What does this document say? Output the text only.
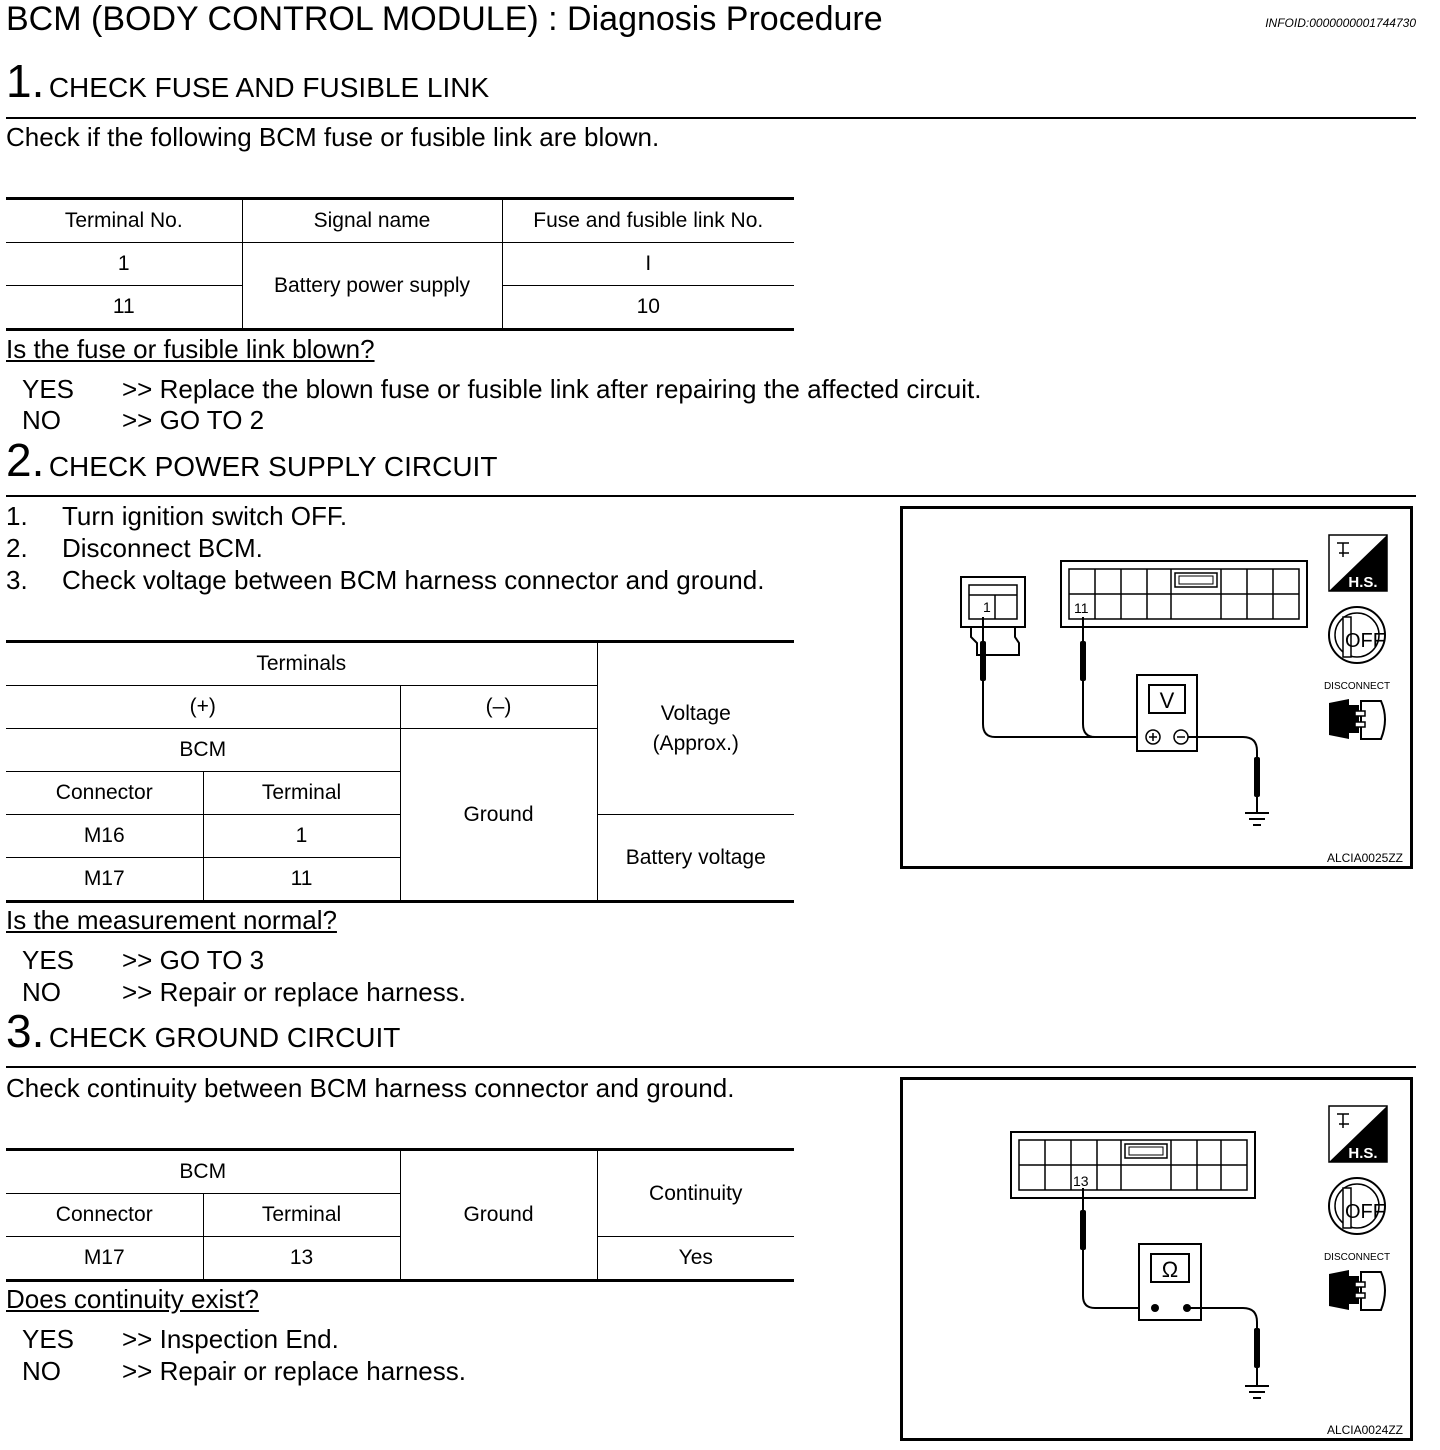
BCM (BODY CONTROL MODULE) : Diagnosis Procedure	INFOID:0000000001744730
1. CHECK FUSE AND FUSIBLE LINK
Check if the following BCM fuse or fusible link are blown.
Terminal No.	Signal name	Fuse and fusible link No.
1	Battery power supply	I
11		10
Is the fuse or fusible link blown?
YES >> Replace the blown fuse or fusible link after repairing the affected circuit.
NO >> GO TO 2
2. CHECK POWER SUPPLY CIRCUIT
1. Turn ignition switch OFF.
2. Disconnect BCM.
3. Check voltage between BCM harness connector and ground.
Terminals			Voltage
(Approx.)
(+)		(–)	
BCM		Ground	
Connector	Terminal		
M16	1		Battery voltage
M17	11		
Is the measurement normal?
YES >> GO TO 3
NO >> Repair or replace harness.
1	11
V
H.S.
OFF
DISCONNECT
ALCIA0025ZZ
3. CHECK GROUND CIRCUIT
Check continuity between BCM harness connector and ground.
BCM		Ground	Continuity
Connector	Terminal		
M17	13		Yes
Does continuity exist?
YES >> Inspection End.
NO >> Repair or replace harness.
13
Ω
H.S.
OFF
DISCONNECT
ALCIA0024ZZ
